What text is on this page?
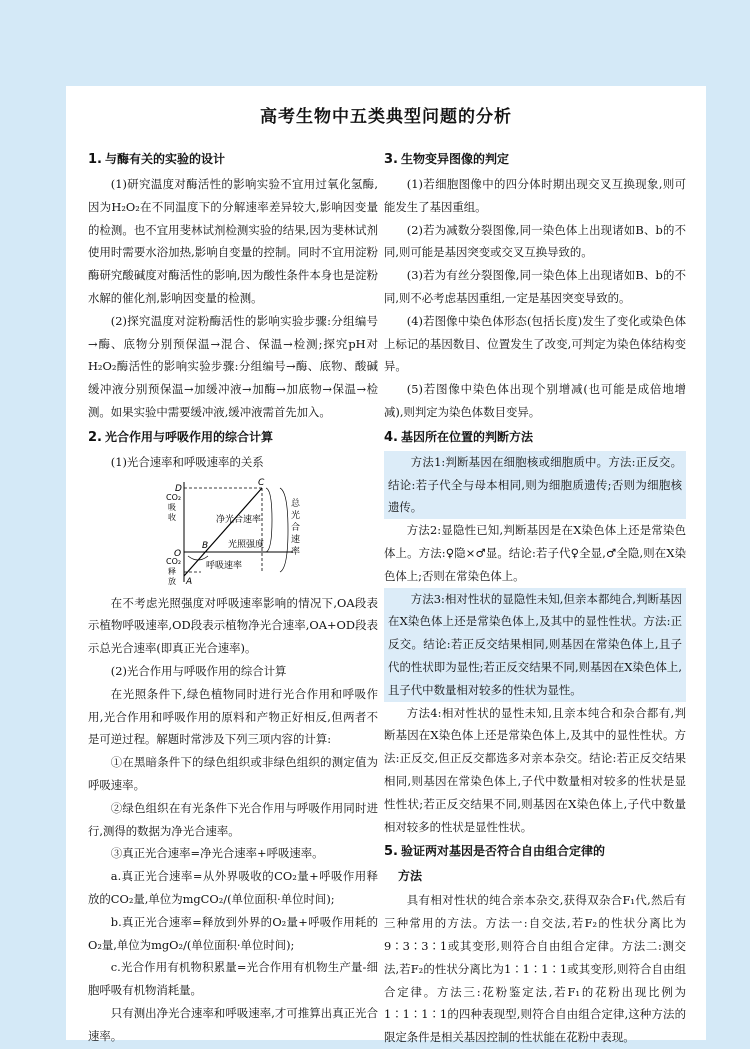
高考生物中五类典型问题的分析
1. 与酶有关的实验的设计

(1)研究温度对酶活性的影响实验不宜用过氧化氢酶,因为H₂O₂在不同温度下的分解速率差异较大,影响因变量的检测。也不宜用斐林试剂检测实验的结果,因为斐林试剂使用时需要水浴加热,影响自变量的控制。同时不宜用淀粉酶研究酸碱度对酶活性的影响,因为酸性条件本身也是淀粉水解的催化剂,影响因变量的检测。

(2)探究温度对淀粉酶活性的影响实验步骤:分组编号→酶、底物分别预保温→混合、保温→检测;探究pH对H₂O₂酶活性的影响实验步骤:分组编号→酶、底物、酸碱缓冲液分别预保温→加缓冲液→加酶→加底物→保温→检测。如果实验中需要缓冲液,缓冲液需首先加入。

2. 光合作用与呼吸作用的综合计算

(1)光合速率和呼吸速率的关系

D
C
O
B
A
CO₂
吸
收
CO₂
释
放
净光合速率
光照强度
呼吸速率
总
光
合
速
率

在不考虑光照强度对呼吸速率影响的情况下,OA段表示植物呼吸速率,OD段表示植物净光合速率,OA+OD段表示总光合速率(即真正光合速率)。

(2)光合作用与呼吸作用的综合计算

在光照条件下,绿色植物同时进行光合作用和呼吸作用,光合作用和呼吸作用的原料和产物正好相反,但两者不是可逆过程。解题时常涉及下列三项内容的计算:

①在黑暗条件下的绿色组织或非绿色组织的测定值为呼吸速率。

②绿色组织在有光条件下光合作用与呼吸作用同时进行,测得的数据为净光合速率。

③真正光合速率=净光合速率+呼吸速率。

a.真正光合速率=从外界吸收的CO₂量+呼吸作用释放的CO₂量,单位为mgCO₂/(单位面积·单位时间);

b.真正光合速率=释放到外界的O₂量+呼吸作用耗的O₂量,单位为mgO₂/(单位面积·单位时间);

c.光合作用有机物积累量=光合作用有机物生产量-细胞呼吸有机物消耗量。

只有测出净光合速率和呼吸速率,才可推算出真正光合速率。

3. 生物变异图像的判定

(1)若细胞图像中的四分体时期出现交叉互换现象,则可能发生了基因重组。

(2)若为减数分裂图像,同一染色体上出现诸如B、b的不同,则可能是基因突变或交叉互换导致的。

(3)若为有丝分裂图像,同一染色体上出现诸如B、b的不同,则不必考虑基因重组,一定是基因突变导致的。

(4)若图像中染色体形态(包括长度)发生了变化或染色体上标记的基因数目、位置发生了改变,可判定为染色体结构变异。

(5)若图像中染色体出现个别增减(也可能是成倍地增减),则判定为染色体数目变异。

4. 基因所在位置的判断方法

方法1:判断基因在细胞核或细胞质中。方法:正反交。结论:若子代全与母本相同,则为细胞质遗传;否则为细胞核遗传。

方法2:显隐性已知,判断基因是在X染色体上还是常染色体上。方法:♀隐×♂显。结论:若子代♀全显,♂全隐,则在X染色体上;否则在常染色体上。

方法3:相对性状的显隐性未知,但亲本都纯合,判断基因在X染色体上还是常染色体上,及其中的显性性状。方法:正反交。结论:若正反交结果相同,则基因在常染色体上,且子代的性状即为显性;若正反交结果不同,则基因在X染色体上,且子代中数量相对较多的性状为显性。

方法4:相对性状的显性未知,且亲本纯合和杂合都有,判断基因在X染色体上还是常染色体上,及其中的显性性状。方法:正反交,但正反交都选多对亲本杂交。结论:若正反交结果相同,则基因在常染色体上,子代中数量相对较多的性状是显性性状;若正反交结果不同,则基因在X染色体上,子代中数量相对较多的性状是显性性状。

5. 验证两对基因是否符合自由组合定律的
方法

具有相对性状的纯合亲本杂交,获得双杂合F₁代,然后有三种常用的方法。方法一:自交法,若F₂的性状分离比为9∶3∶3∶1或其变形,则符合自由组合定律。方法二:测交法,若F₂的性状分离比为1∶1∶1∶1或其变形,则符合自由组合定律。方法三:花粉鉴定法,若F₁的花粉出现比例为1∶1∶1∶1的四种表现型,则符合自由组合定律,这种方法的限定条件是相关基因控制的性状能在花粉中表现。
